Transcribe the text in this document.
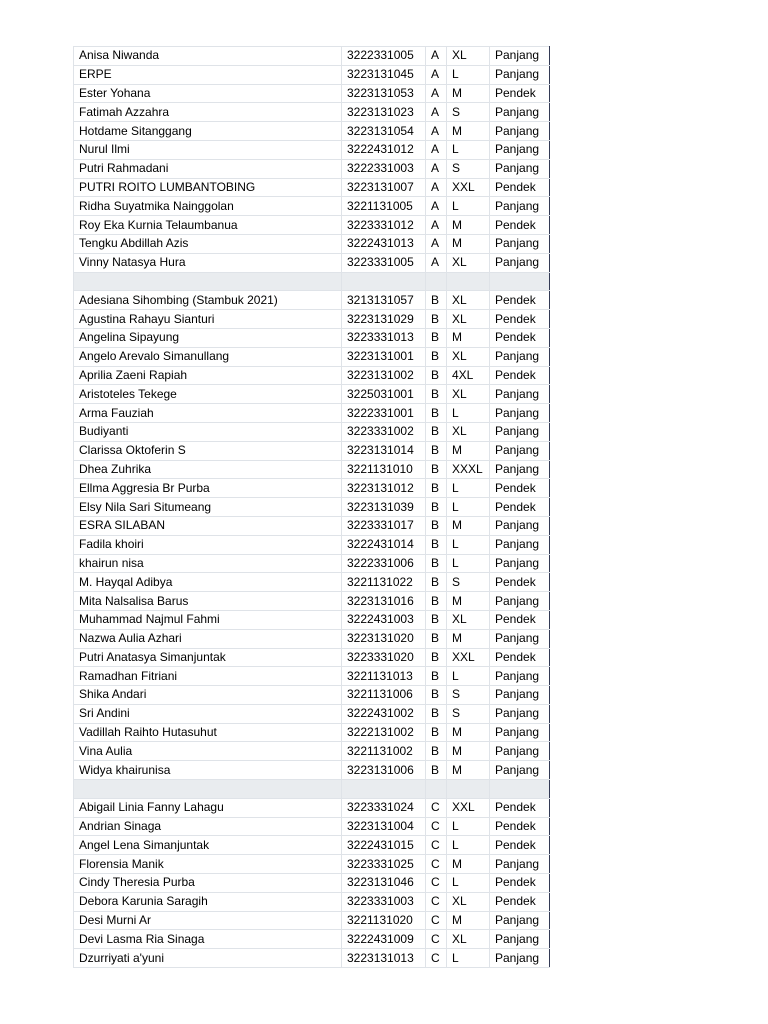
Anisa Niwanda	3222331005	A	XL	Panjang
ERPE	3223131045	A	L	Panjang
Ester Yohana	3223131053	A	M	Pendek
Fatimah Azzahra	3223131023	A	S	Panjang
Hotdame Sitanggang	3223131054	A	M	Panjang
Nurul Ilmi	3222431012	A	L	Panjang
Putri Rahmadani	3222331003	A	S	Panjang
PUTRI ROITO LUMBANTOBING	3223131007	A	XXL	Pendek
Ridha Suyatmika Nainggolan	3221131005	A	L	Panjang
Roy Eka Kurnia Telaumbanua	3223331012	A	M	Pendek
Tengku Abdillah Azis	3222431013	A	M	Panjang
Vinny Natasya Hura	3223331005	A	XL	Panjang

Adesiana Sihombing (Stambuk 2021)	3213131057	B	XL	Pendek
Agustina Rahayu Sianturi	3223131029	B	XL	Pendek
Angelina Sipayung	3223331013	B	M	Pendek
Angelo Arevalo Simanullang	3223131001	B	XL	Panjang
Aprilia Zaeni Rapiah	3223131002	B	4XL	Pendek
Aristoteles Tekege	3225031001	B	XL	Panjang
Arma Fauziah	3222331001	B	L	Panjang
Budiyanti	3223331002	B	XL	Panjang
Clarissa Oktoferin S	3223131014	B	M	Panjang
Dhea Zuhrika	3221131010	B	XXXL	Panjang
Ellma Aggresia Br Purba	3223131012	B	L	Pendek
Elsy Nila Sari Situmeang	3223131039	B	L	Pendek
ESRA SILABAN	3223331017	B	M	Panjang
Fadila khoiri	3222431014	B	L	Panjang
khairun nisa	3222331006	B	L	Panjang
M. Hayqal Adibya	3221131022	B	S	Pendek
Mita Nalsalisa Barus	3223131016	B	M	Panjang
Muhammad Najmul Fahmi	3222431003	B	XL	Pendek
Nazwa Aulia Azhari	3223131020	B	M	Panjang
Putri Anatasya Simanjuntak	3223331020	B	XXL	Pendek
Ramadhan Fitriani	3221131013	B	L	Panjang
Shika Andari	3221131006	B	S	Panjang
Sri Andini	3222431002	B	S	Panjang
Vadillah Raihto Hutasuhut	3222131002	B	M	Panjang
Vina Aulia	3221131002	B	M	Panjang
Widya khairunisa	3223131006	B	M	Panjang

Abigail Linia Fanny Lahagu	3223331024	C	XXL	Pendek
Andrian Sinaga	3223131004	C	L	Pendek
Angel Lena Simanjuntak	3222431015	C	L	Pendek
Florensia Manik	3223331025	C	M	Panjang
Cindy Theresia Purba	3223131046	C	L	Pendek
Debora Karunia Saragih	3223331003	C	XL	Pendek
Desi Murni Ar	3221131020	C	M	Panjang
Devi Lasma Ria Sinaga	3222431009	C	XL	Panjang
Dzurriyati a'yuni	3223131013	C	L	Panjang
